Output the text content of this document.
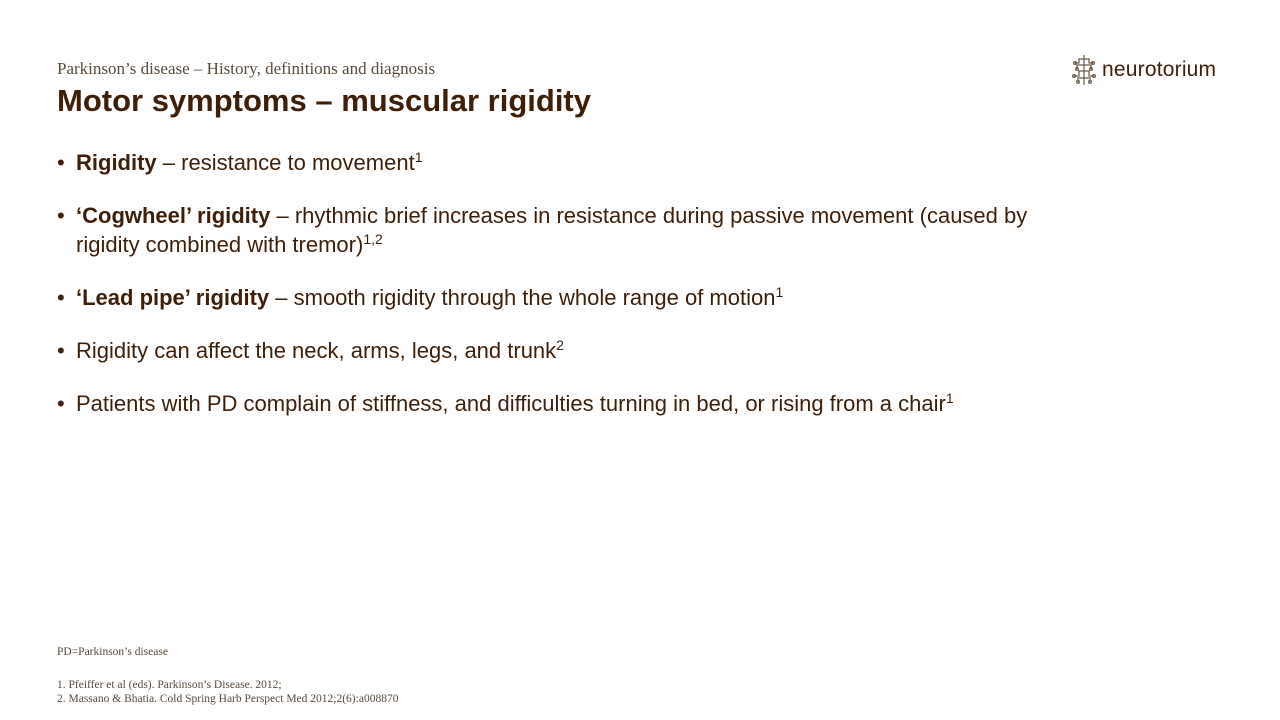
Parkinson’s disease – History, definitions and diagnosis
Motor symptoms – muscular rigidity
neurotorium
• Rigidity – resistance to movement$^1$
• ‘Cogwheel’ rigidity – rhythmic brief increases in resistance during passive movement (caused by rigidity combined with tremor)$^{1,2}$
• ‘Lead pipe’ rigidity – smooth rigidity through the whole range of motion$^1$
• Rigidity can affect the neck, arms, legs, and trunk$^2$
• Patients with PD complain of stiffness, and difficulties turning in bed, or rising from a chair$^1$
PD=Parkinson’s disease
1. Pfeiffer et al (eds). Parkinson’s Disease. 2012;
2. Massano & Bhatia. Cold Spring Harb Perspect Med 2012;2(6):a008870
